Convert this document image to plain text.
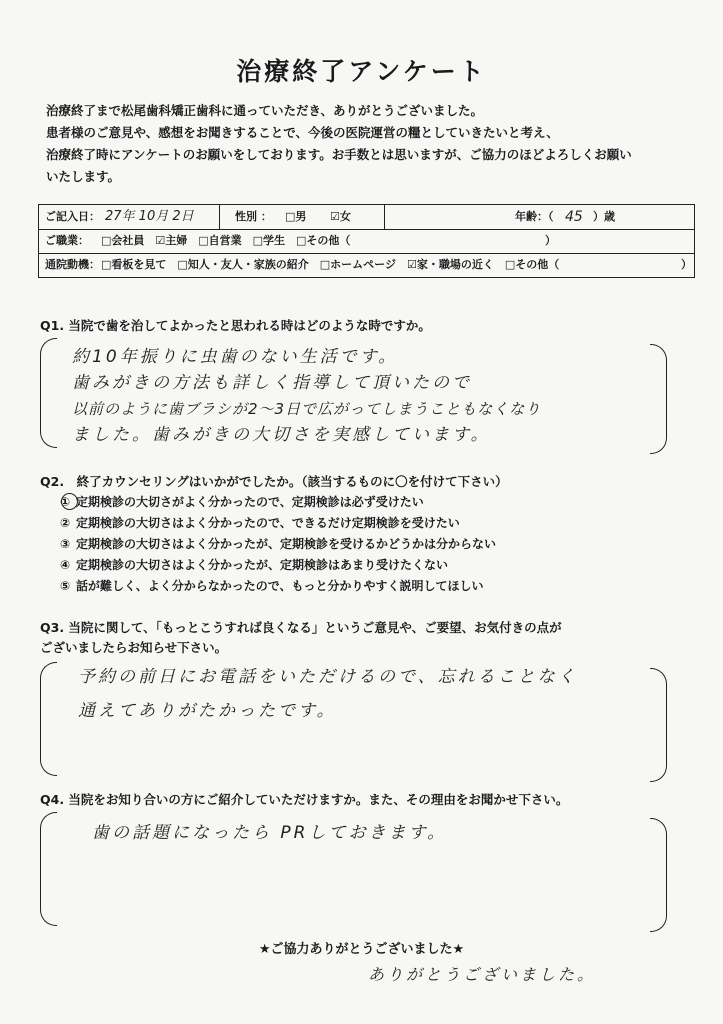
治療終了アンケート
治療終了まで松尾歯科矯正歯科に通っていただき、ありがとうございました。
患者様のご意見や、感想をお聞きすることで、今後の医院運営の糧としていきたいと考え、
治療終了時にアンケートのお願いをしております。お手数とは思いますが、ご協力のほどよろしくお願い
いたします。
ご記入日： 27年 10月 2日	性別 ：	□男	☑女	年齢：（ 45 ）歳
ご職業：	□会社員　☑主婦　□自営業　□学生　□その他（	）
通院動機： □看板を見て　□知人・友人・家族の紹介　□ホームページ　☑家・職場の近く　□その他（	）
Q1. 当院で歯を治してよかったと思われる時はどのような時ですか。
約10年振りに虫歯のない生活です。
歯みがきの方法も詳しく指導して頂いたので
以前のように歯ブラシが2〜3日で広がってしまうこともなくなり
ました。歯みがきの大切さを実感しています。
Q2.　終了カウンセリングはいかがでしたか。（該当するものに〇を付けて下さい）
① 定期検診の大切さがよく分かったので、定期検診は必ず受けたい
② 定期検診の大切さはよく分かったので、できるだけ定期検診を受けたい
③ 定期検診の大切さはよく分かったが、定期検診を受けるかどうかは分からない
④ 定期検診の大切さはよく分かったが、定期検診はあまり受けたくない
⑤ 話が難しく、よく分からなかったので、もっと分かりやすく説明してほしい
Q3. 当院に関して、「もっとこうすれば良くなる」というご意見や、ご要望、お気付きの点が
ございましたらお知らせ下さい。
予約の前日にお電話をいただけるので、忘れることなく
通えてありがたかったです。
Q4. 当院をお知り合いの方にご紹介していただけますか。また、その理由をお聞かせ下さい。
歯の話題になったら PRしておきます。
★ご協力ありがとうございました★
ありがとうございました。
